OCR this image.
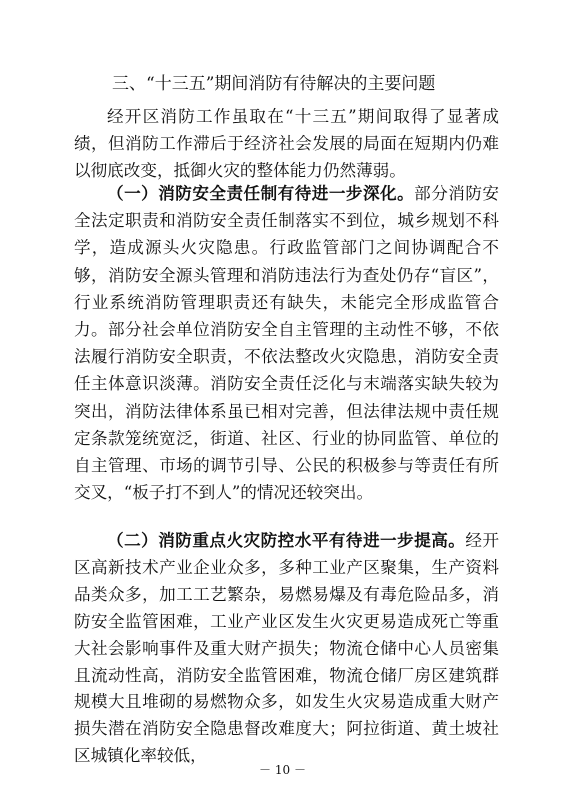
三、“十三五”期间消防有待解决的主要问题

经开区消防工作虽取在“十三五”期间取得了显著成绩，但消防工作滞后于经济社会发展的局面在短期内仍难以彻底改变，抵御火灾的整体能力仍然薄弱。

（一）消防安全责任制有待进一步深化。部分消防安全法定职责和消防安全责任制落实不到位，城乡规划不科学，造成源头火灾隐患。行政监管部门之间协调配合不够，消防安全源头管理和消防违法行为查处仍存“盲区”，行业系统消防管理职责还有缺失，未能完全形成监管合力。部分社会单位消防安全自主管理的主动性不够，不依法履行消防安全职责，不依法整改火灾隐患，消防安全责任主体意识淡薄。消防安全责任泛化与末端落实缺失较为突出，消防法律体系虽已相对完善，但法律法规中责任规定条款笼统宽泛，街道、社区、行业的协同监管、单位的自主管理、市场的调节引导、公民的积极参与等责任有所交叉，“板子打不到人”的情况还较突出。

（二）消防重点火灾防控水平有待进一步提高。经开区高新技术产业企业众多，多种工业产区聚集，生产资料品类众多，加工工艺繁杂，易燃易爆及有毒危险品多，消防安全监管困难，工业产业区发生火灾更易造成死亡等重大社会影响事件及重大财产损失；物流仓储中心人员密集且流动性高，消防安全监管困难，物流仓储厂房区建筑群规模大且堆砌的易燃物众多，如发生火灾易造成重大财产损失潜在消防安全隐患督改难度大；阿拉街道、黄土坡社区城镇化率较低，

－ 10 －
